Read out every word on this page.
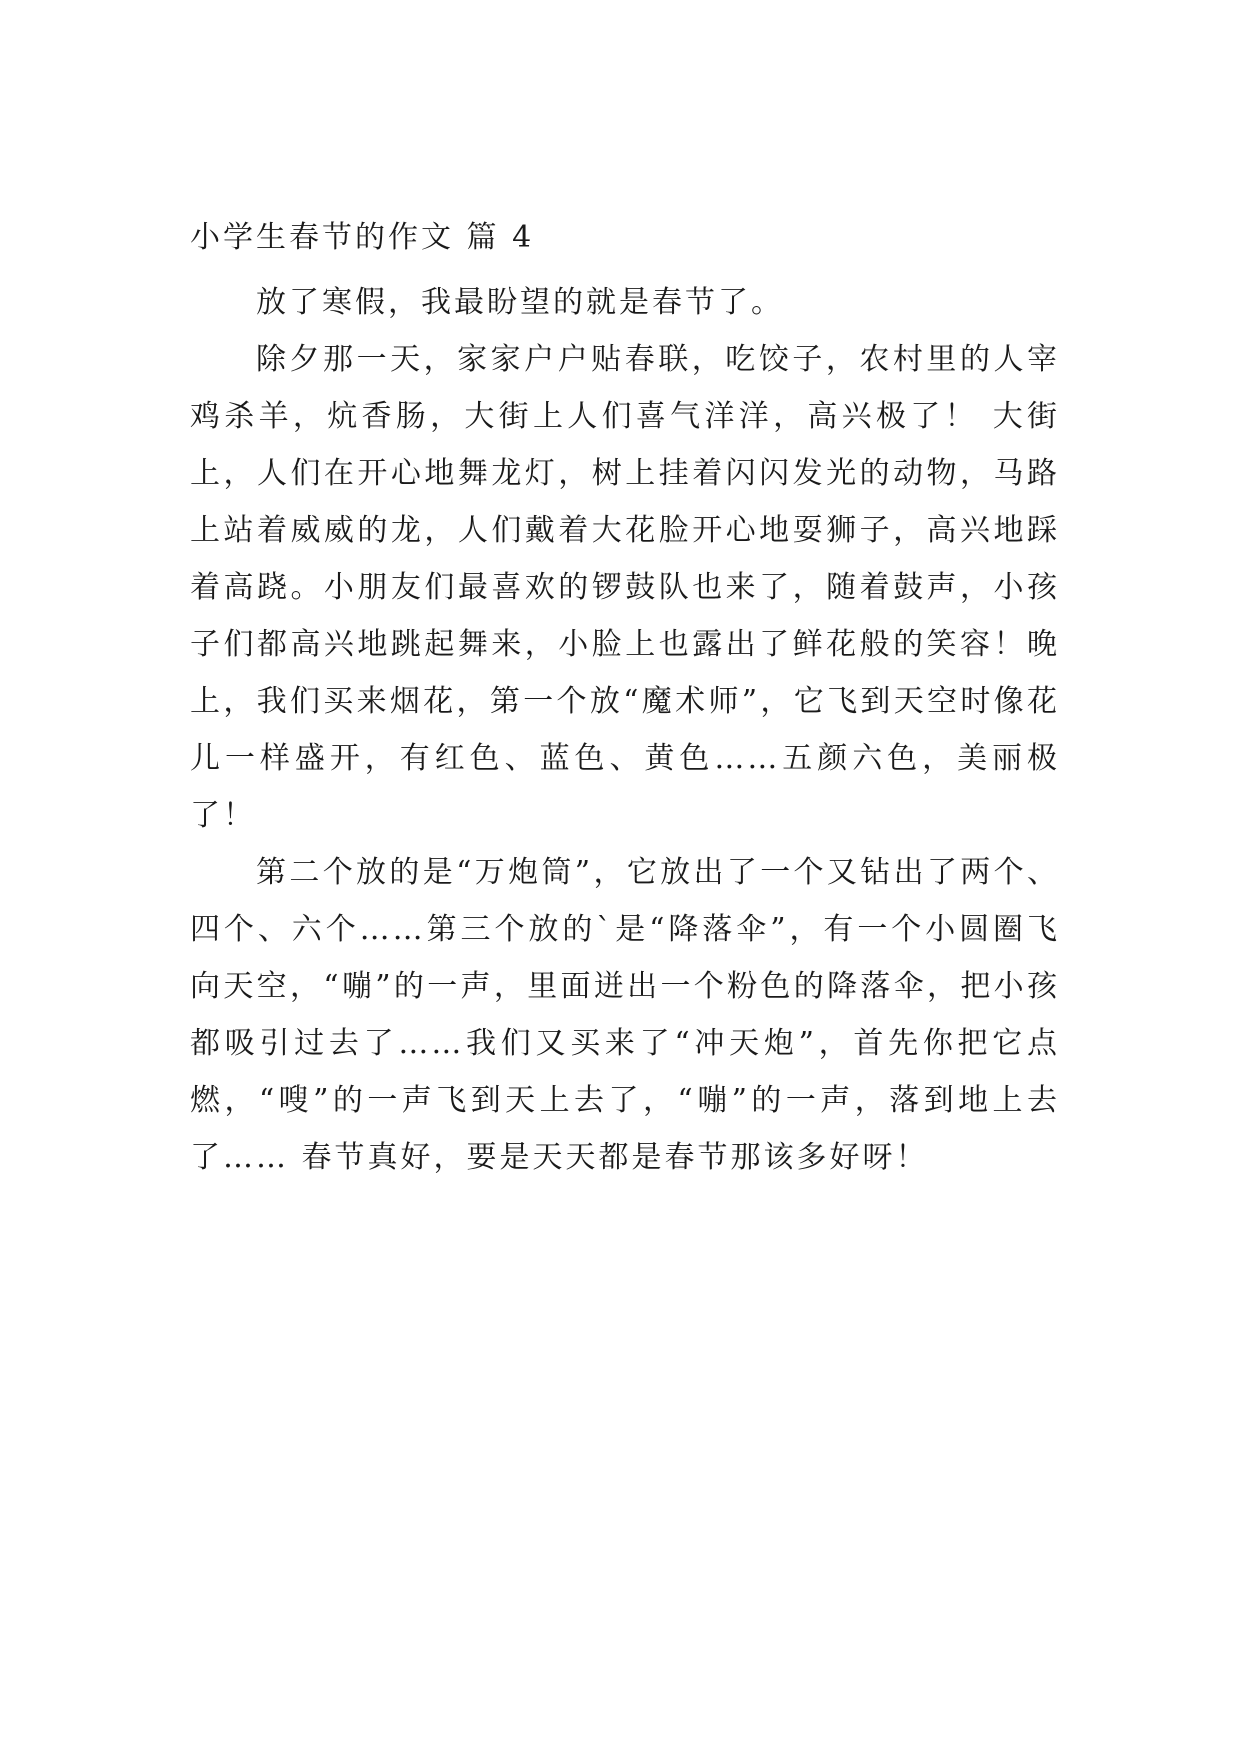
小学生春节的作文 篇 4

放了寒假，我最盼望的就是春节了。

除夕那一天，家家户户贴春联，吃饺子，农村里的人宰鸡杀羊，炕香肠，大街上人们喜气洋洋，高兴极了！ 大街上，人们在开心地舞龙灯，树上挂着闪闪发光的动物，马路上站着威威的龙，人们戴着大花脸开心地耍狮子，高兴地踩着高跷。小朋友们最喜欢的锣鼓队也来了，随着鼓声，小孩子们都高兴地跳起舞来，小脸上也露出了鲜花般的笑容！晚上，我们买来烟花，第一个放“魔术师”，它飞到天空时像花儿一样盛开，有红色、蓝色、黄色……五颜六色，美丽极了！

第二个放的是“万炮筒”，它放出了一个又钻出了两个、四个、六个……第三个放的`是“降落伞”，有一个小圆圈飞向天空，“嘣”的一声，里面迸出一个粉色的降落伞，把小孩都吸引过去了……我们又买来了“冲天炮”，首先你把它点燃，“嗖”的一声飞到天上去了，“嘣”的一声，落到地上去了…… 春节真好，要是天天都是春节那该多好呀！
